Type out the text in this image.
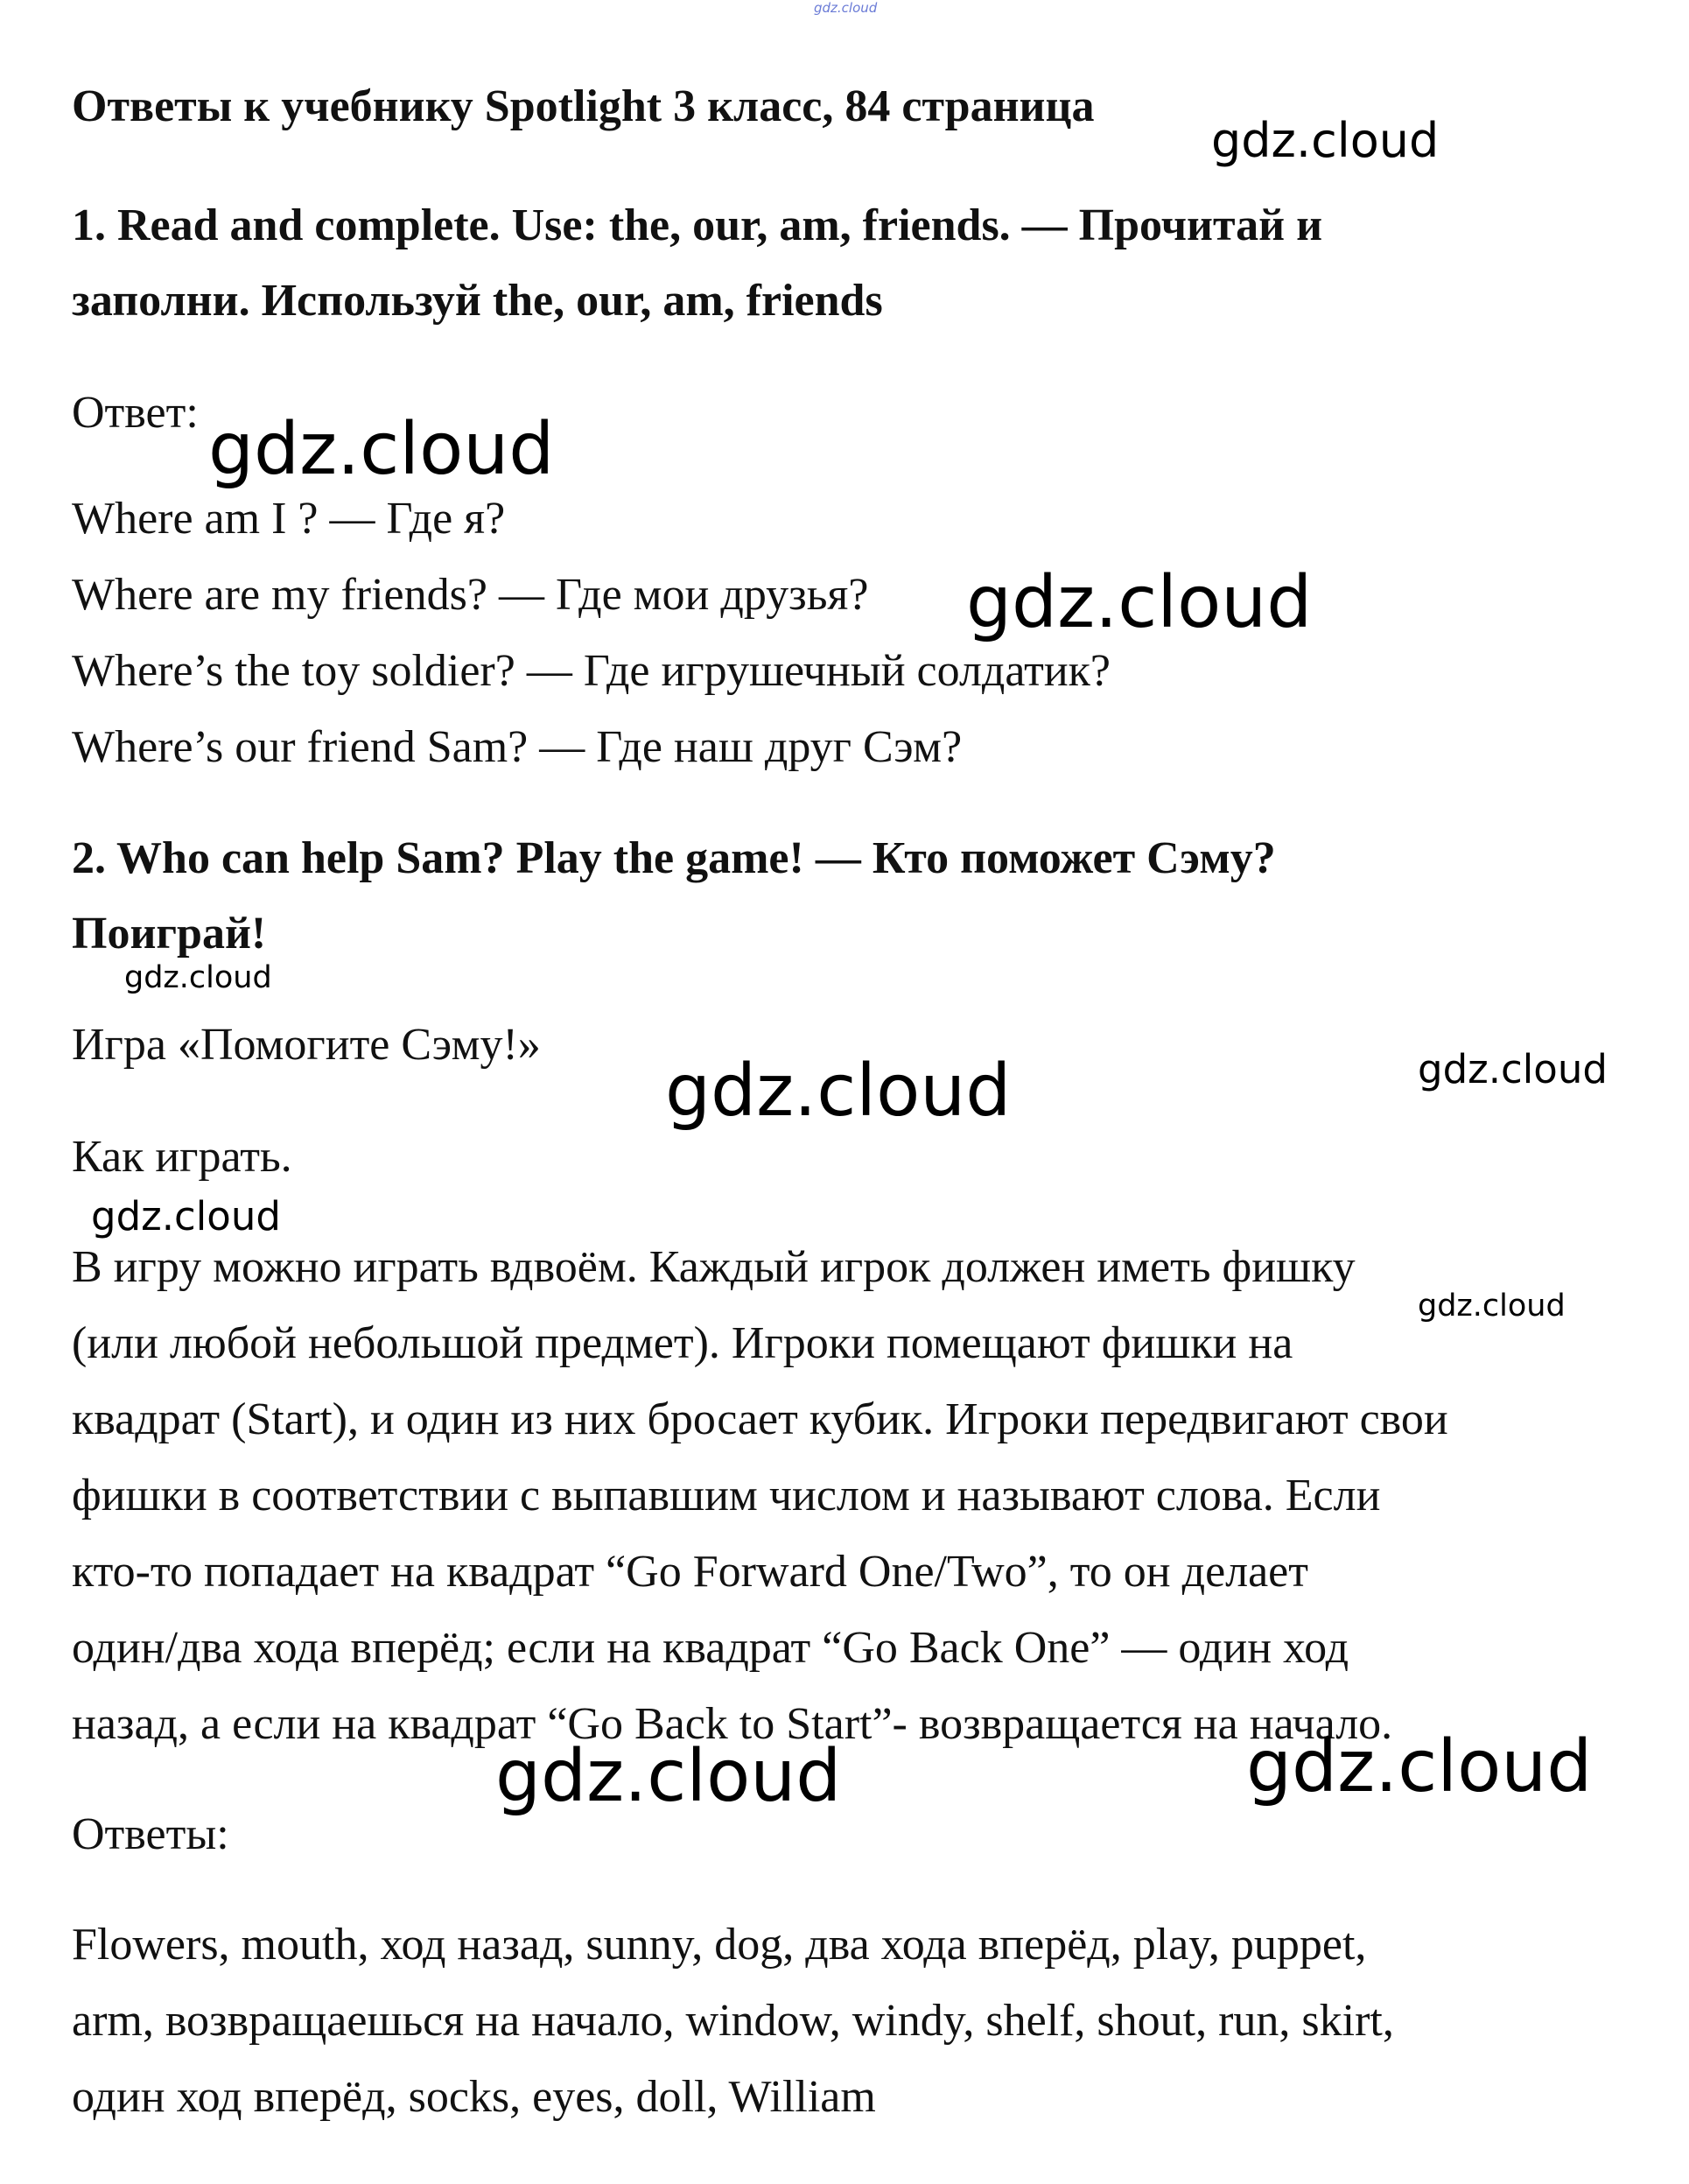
gdz.cloud
Ответы к учебнику Spotlight 3 класс, 84 страница
1. Read and complete. Use: the, our, am, friends. — Прочитай и
заполни. Используй the, our, am, friends
Ответ:
Where am I ? — Где я?
Where are my friends? — Где мои друзья?
Where’s the toy soldier? — Где игрушечный солдатик?
Where’s our friend Sam? — Где наш друг Сэм?
2. Who can help Sam? Play the game! — Кто поможет Сэму?
Поиграй!
Игра «Помогите Сэму!»
Как играть.
В игру можно играть вдвоём. Каждый игрок должен иметь фишку
(или любой небольшой предмет). Игроки помещают фишки на
квадрат (Start), и один из них бросает кубик. Игроки передвигают свои
фишки в соответствии с выпавшим числом и называют слова. Если
кто-то попадает на квадрат “Go Forward One/Two”, то он делает
один/два хода вперёд; если на квадрат “Go Back One” — один ход
назад, а если на квадрат “Go Back to Start”- возвращается на начало.
Ответы:
Flowers, mouth, ход назад, sunny, dog, два хода вперёд, play, puppet,
arm, возвращаешься на начало, window, windy, shelf, shout, run, skirt,
один ход вперёд, socks, eyes, doll, William
gdz.cloud
gdz.cloud
gdz.cloud
gdz.cloud
gdz.cloud
gdz.cloud
gdz.cloud
gdz.cloud
gdz.cloud	gdz.cloud
